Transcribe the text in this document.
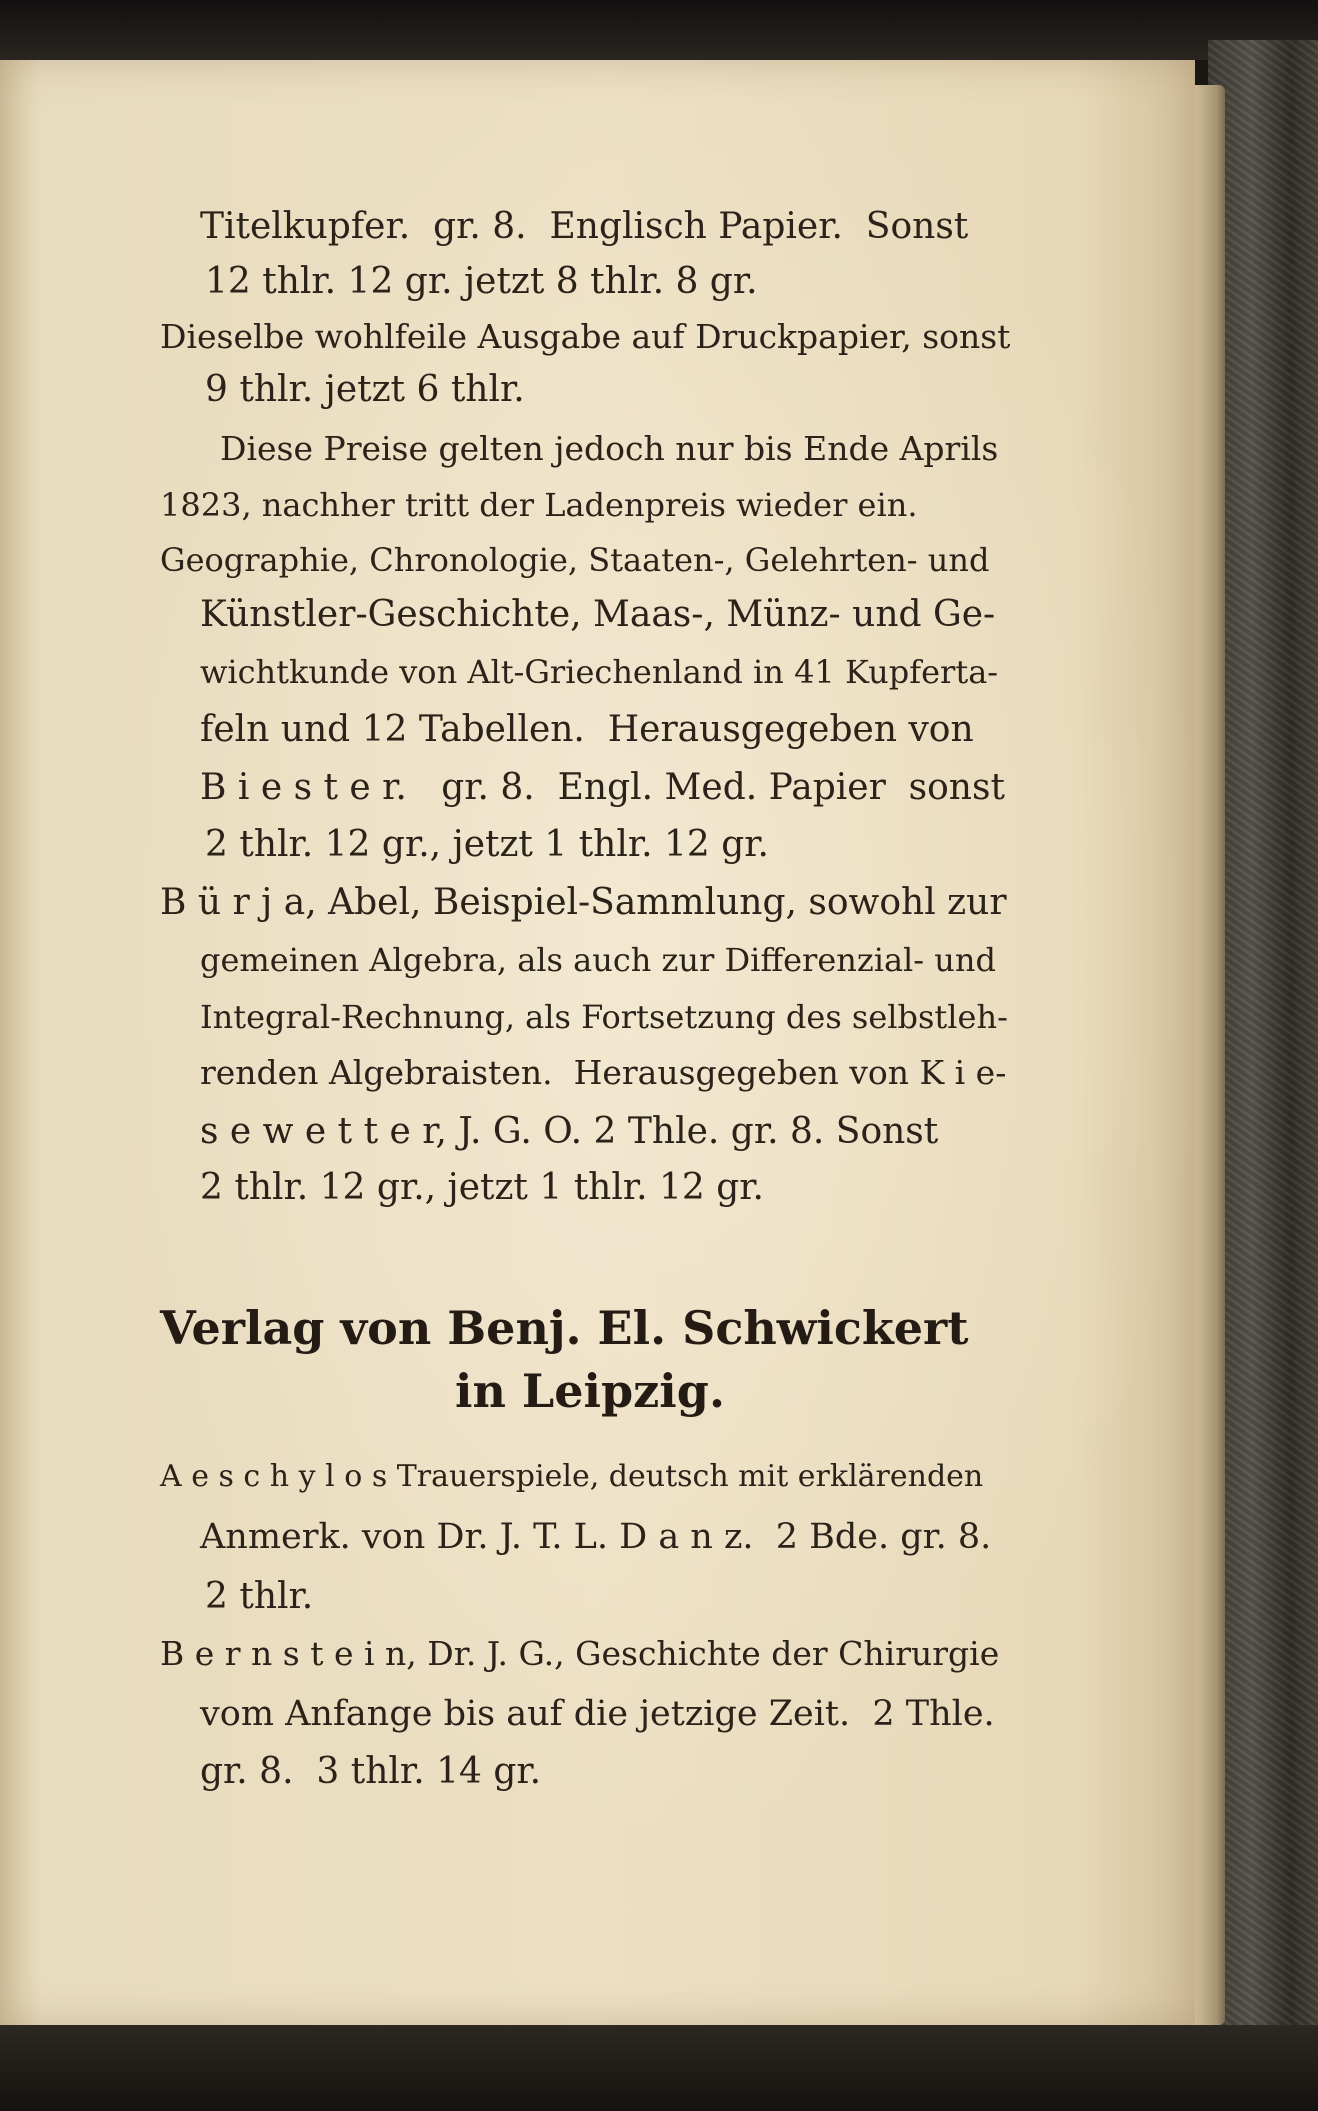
Titelkupfer.  gr. 8.  Englisch Papier.  Sonst

12 thlr. 12 gr. jetzt 8 thlr. 8 gr.

Dieselbe wohlfeile Ausgabe auf Druckpapier, sonst

9 thlr. jetzt 6 thlr.

Diese Preise gelten jedoch nur bis Ende Aprils

1823, nachher tritt der Ladenpreis wieder ein.

Geographie, Chronologie, Staaten-, Gelehrten- und

Künstler-Geschichte, Maas-, Münz- und Ge-

wichtkunde von Alt-Griechenland in 41 Kupferta-

feln und 12 Tabellen.  Herausgegeben von

B i e s t e r.   gr. 8.  Engl. Med. Papier  sonst

2 thlr. 12 gr., jetzt 1 thlr. 12 gr.

B ü r j a, Abel, Beispiel-Sammlung, sowohl zur

gemeinen Algebra, als auch zur Differenzial- und

Integral-Rechnung, als Fortsetzung des selbstleh-

renden Algebraisten.  Herausgegeben von K i e-

s e w e t t e r, J. G. O. 2 Thle. gr. 8. Sonst

2 thlr. 12 gr., jetzt 1 thlr. 12 gr.

Verlag von Benj. El. Schwickert

in Leipzig.

A e s c h y l o s Trauerspiele, deutsch mit erklärenden

Anmerk. von Dr. J. T. L. D a n z.  2 Bde. gr. 8.

2 thlr.

B e r n s t e i n, Dr. J. G., Geschichte der Chirurgie

vom Anfange bis auf die jetzige Zeit.  2 Thle.

gr. 8.  3 thlr. 14 gr.
